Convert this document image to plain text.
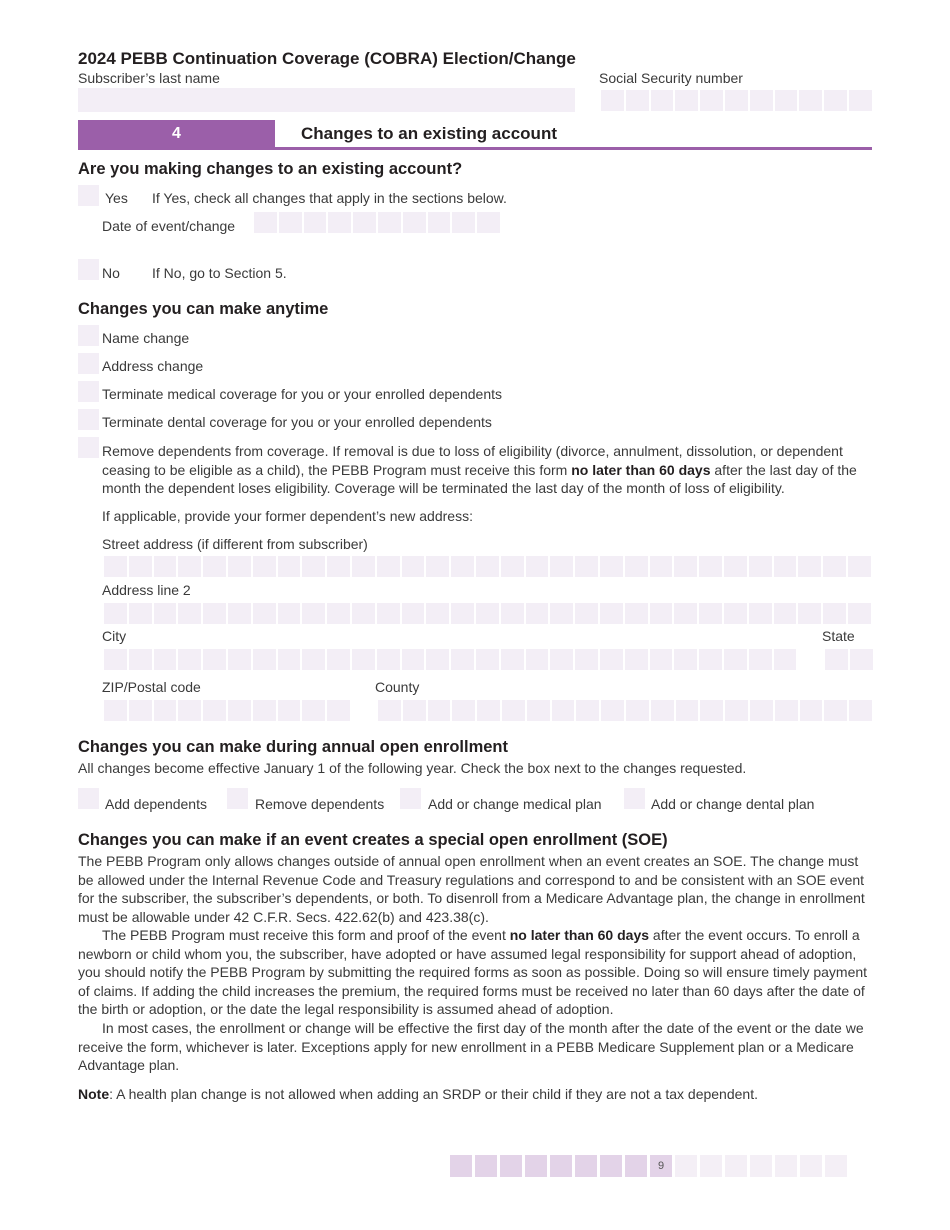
2024 PEBB Continuation Coverage (COBRA) Election/Change
Subscriber’s last name	Social Security number
4	Changes to an existing account
Are you making changes to an existing account?
Yes If Yes, check all changes that apply in the sections below.
Date of event/change
No If No, go to Section 5.
Changes you can make anytime
Name change
Address change
Terminate medical coverage for you or your enrolled dependents
Terminate dental coverage for you or your enrolled dependents
Remove dependents from coverage. If removal is due to loss of eligibility (divorce, annulment, dissolution, or dependent ceasing to be eligible as a child), the PEBB Program must receive this form no later than 60 days after the last day of the month the dependent loses eligibility. Coverage will be terminated the last day of the month of loss of eligibility.
If applicable, provide your former dependent’s new address:
Street address (if different from subscriber)
Address line 2
City	State
ZIP/Postal code	County
Changes you can make during annual open enrollment
All changes become effective January 1 of the following year. Check the box next to the changes requested.
Add dependents	Remove dependents	Add or change medical plan	Add or change dental plan
Changes you can make if an event creates a special open enrollment (SOE)
The PEBB Program only allows changes outside of annual open enrollment when an event creates an SOE. The change must be allowed under the Internal Revenue Code and Treasury regulations and correspond to and be consistent with an SOE event for the subscriber, the subscriber’s dependents, or both. To disenroll from a Medicare Advantage plan, the change in enrollment must be allowable under 42 C.F.R. Secs. 422.62(b) and 423.38(c).
The PEBB Program must receive this form and proof of the event no later than 60 days after the event occurs. To enroll a newborn or child whom you, the subscriber, have adopted or have assumed legal responsibility for support ahead of adoption, you should notify the PEBB Program by submitting the required forms as soon as possible. Doing so will ensure timely payment of claims. If adding the child increases the premium, the required forms must be received no later than 60 days after the date of the birth or adoption, or the date the legal responsibility is assumed ahead of adoption.
In most cases, the enrollment or change will be effective the first day of the month after the date of the event or the date we receive the form, whichever is later. Exceptions apply for new enrollment in a PEBB Medicare Supplement plan or a Medicare Advantage plan.
Note: A health plan change is not allowed when adding an SRDP or their child if they are not a tax dependent.
9
